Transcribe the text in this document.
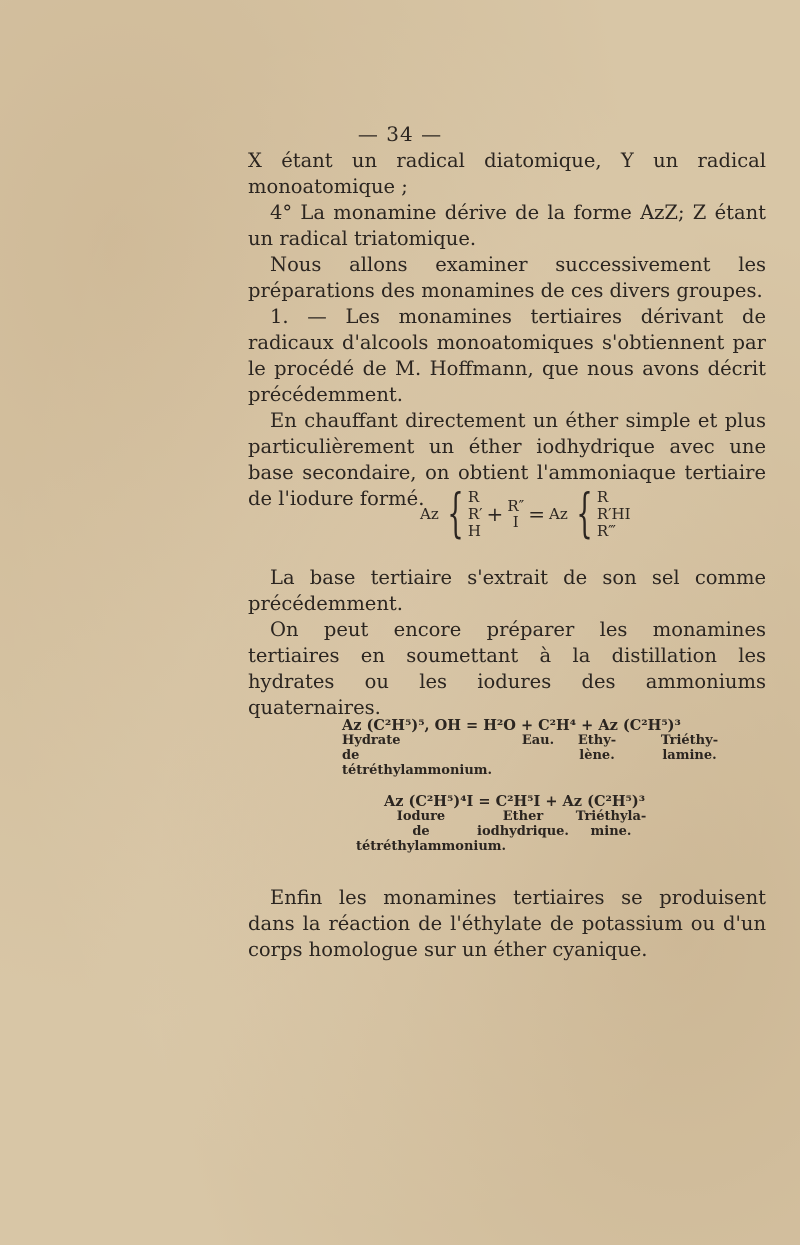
— 34 —

X étant un radical diatomique, Y un radical monoatomique ;

4° La monamine dérive de la forme AzZ; Z étant un radical triatomique.

Nous allons examiner successivement les préparations des monamines de ces divers groupes.

1. — Les monamines tertiaires dérivant de radicaux d'alcools monoatomiques s'obtiennent par le procédé de M. Hoffmann, que nous avons décrit précédemment.

En chauffant directement un éther simple et plus particulièrement un éther iodhydrique avec une base secondaire, on obtient l'ammoniaque tertiaire de l'iodure formé.

Az { R
R′
H
+ R″
I = Az { R
R′HI
R‴

La base tertiaire s'extrait de son sel comme précédemment.

On peut encore préparer les monamines tertiaires en soumettant à la distillation les hydrates ou les iodures des ammoniums quaternaires.

Az (C²H⁵)⁵, OH = H²O + C²H⁴ + Az (C²H⁵)³
Hydrate
de
tétréthylammonium.
Eau.	Ethy-
lène.
Triéthy-
lamine.
Az (C²H⁵)⁴I = C²H⁵I + Az (C²H⁵)³
Iodure
de
tétréthylammonium.
Ether
iodhydrique.
Triéthyla-
mine.

Enfin les monamines tertiaires se produisent dans la réaction de l'éthylate de potassium ou d'un corps homologue sur un éther cyanique.
